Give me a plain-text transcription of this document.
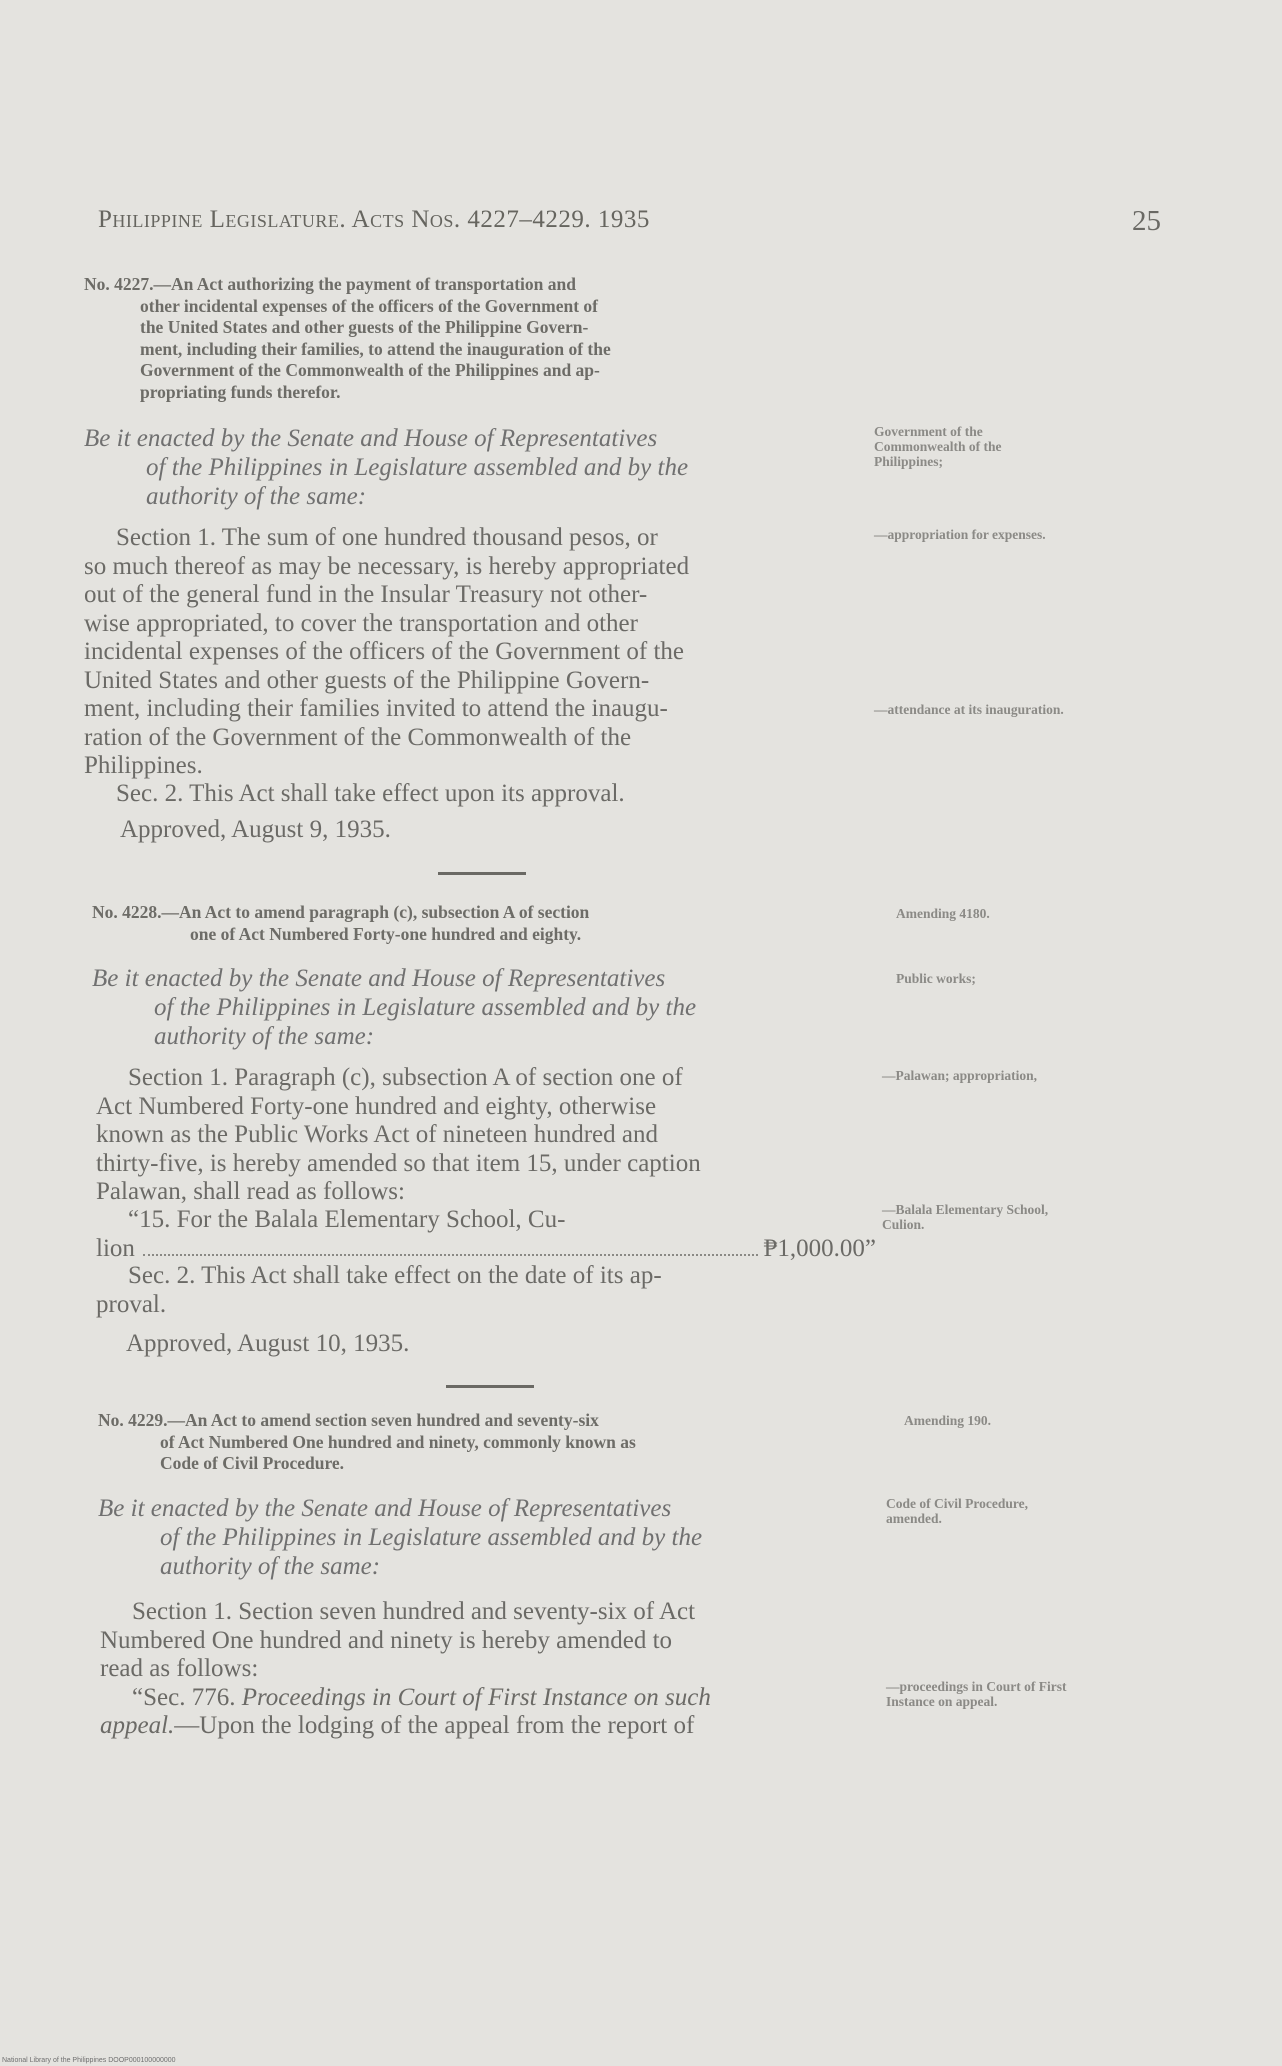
Philippine Legislature. Acts Nos. 4227–4229. 1935	25
No. 4227.—An Act authorizing the payment of transportation and
other incidental expenses of the officers of the Government of
the United States and other guests of the Philippine Govern-
ment, including their families, to attend the inauguration of the
Government of the Commonwealth of the Philippines and ap-
propriating funds therefor.
Be it enacted by the Senate and House of Representatives
of the Philippines in Legislature assembled and by the
authority of the same:
Section 1. The sum of one hundred thousand pesos, or
so much thereof as may be necessary, is hereby appropriated
out of the general fund in the Insular Treasury not other-
wise appropriated, to cover the transportation and other
incidental expenses of the officers of the Government of the
United States and other guests of the Philippine Govern-
ment, including their families invited to attend the inaugu-
ration of the Government of the Commonwealth of the
Philippines.
Sec. 2. This Act shall take effect upon its approval.
Approved, August 9, 1935.
Government of the Commonwealth of the Philippines;
—appropriation for expenses.
—attendance at its inauguration.
No. 4228.—An Act to amend paragraph (c), subsection A of section
one of Act Numbered Forty-one hundred and eighty.
Be it enacted by the Senate and House of Representatives
of the Philippines in Legislature assembled and by the
authority of the same:
Section 1. Paragraph (c), subsection A of section one of
Act Numbered Forty-one hundred and eighty, otherwise
known as the Public Works Act of nineteen hundred and
thirty-five, is hereby amended so that item 15, under caption
Palawan, shall read as follows:
“15. For the Balala Elementary School, Cu-
lion	₱1,000.00”
Sec. 2. This Act shall take effect on the date of its ap-
proval.
Approved, August 10, 1935.
Amending 4180.
Public works;
—Palawan; appropriation,
—Balala Elementary School, Culion.
No. 4229.—An Act to amend section seven hundred and seventy-six
of Act Numbered One hundred and ninety, commonly known as
Code of Civil Procedure.
Be it enacted by the Senate and House of Representatives
of the Philippines in Legislature assembled and by the
authority of the same:
Section 1. Section seven hundred and seventy-six of Act
Numbered One hundred and ninety is hereby amended to
read as follows:
“Sec. 776. Proceedings in Court of First Instance on such
appeal.—Upon the lodging of the appeal from the report of
Amending 190.
Code of Civil Procedure, amended.
—proceedings in Court of First Instance on appeal.
National Library of the Philippines DOOP000100000000
